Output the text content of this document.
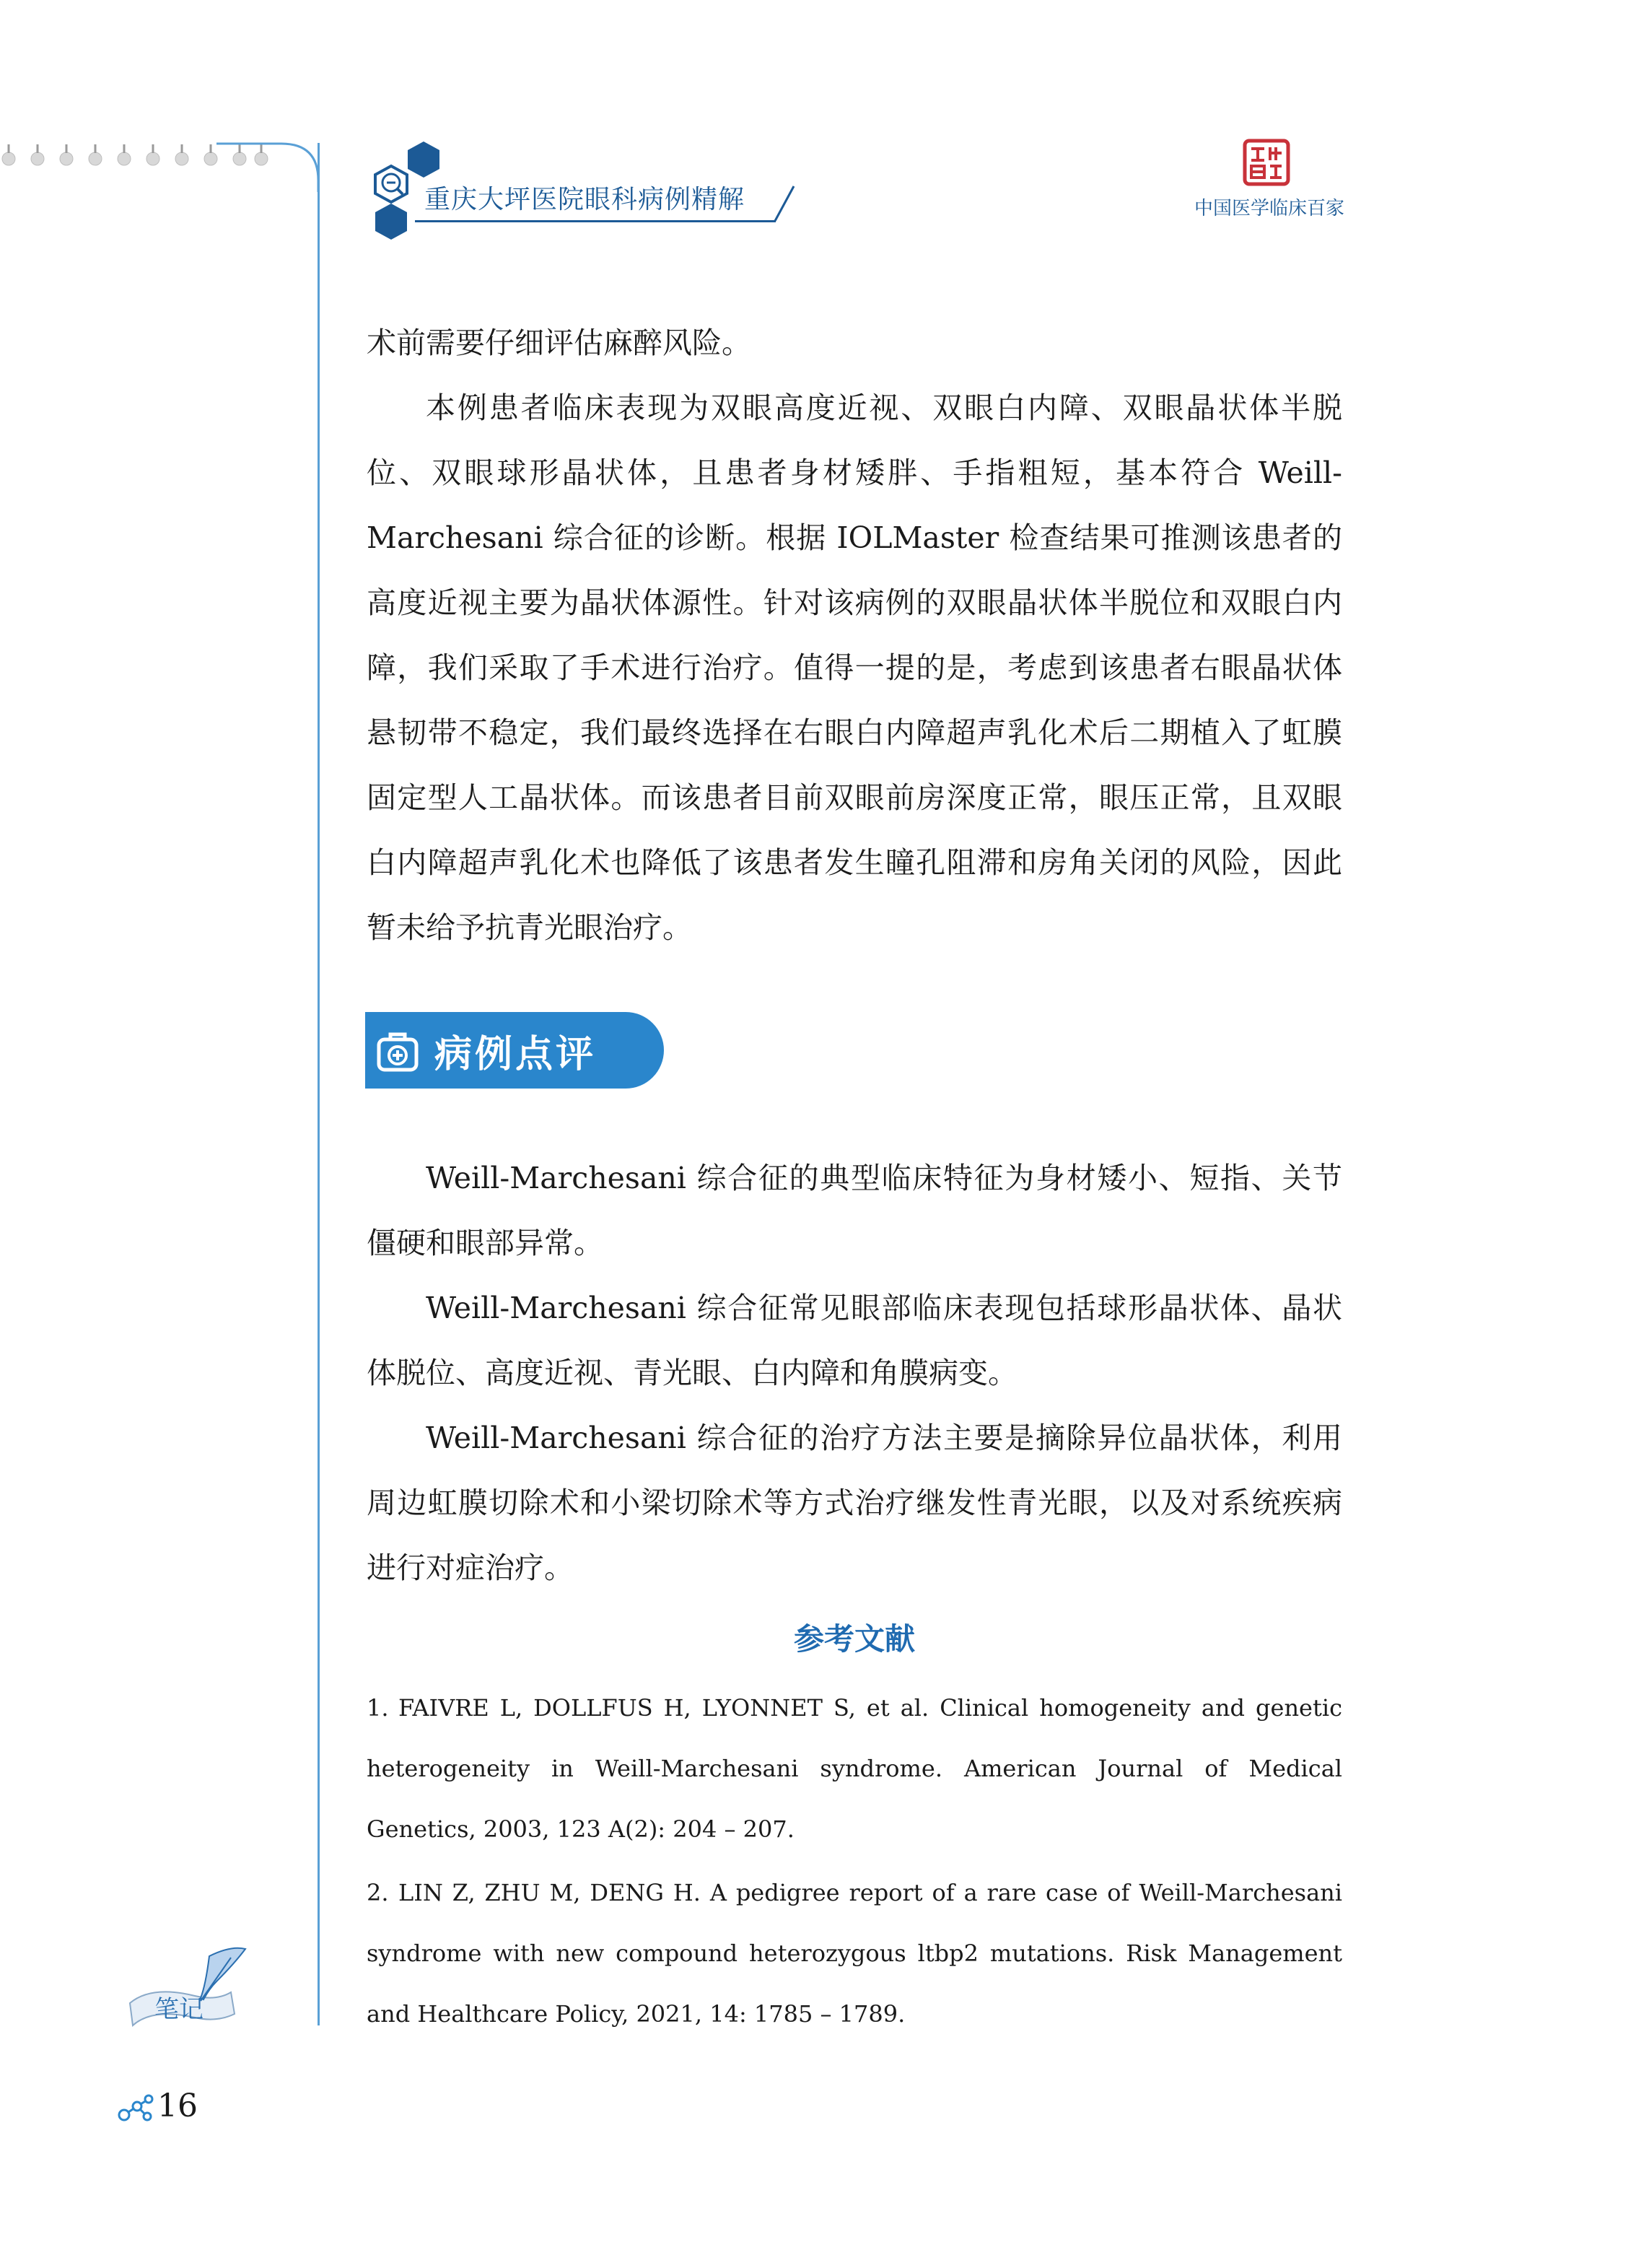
重庆大坪医院眼科病例精解	中国医学临床百家

术前需要仔细评估麻醉风险。

本例患者临床表现为双眼高度近视、双眼白内障、双眼晶状体半脱位、双眼球形晶状体，且患者身材矮胖、手指粗短，基本符合 Weill-Marchesani 综合征的诊断。根据 IOLMaster 检查结果可推测该患者的高度近视主要为晶状体源性。针对该病例的双眼晶状体半脱位和双眼白内障，我们采取了手术进行治疗。值得一提的是，考虑到该患者右眼晶状体悬韧带不稳定，我们最终选择在右眼白内障超声乳化术后二期植入了虹膜固定型人工晶状体。而该患者目前双眼前房深度正常，眼压正常，且双眼白内障超声乳化术也降低了该患者发生瞳孔阻滞和房角关闭的风险，因此暂未给予抗青光眼治疗。

病例点评

Weill-Marchesani 综合征的典型临床特征为身材矮小、短指、关节僵硬和眼部异常。

Weill-Marchesani 综合征常见眼部临床表现包括球形晶状体、晶状体脱位、高度近视、青光眼、白内障和角膜病变。

Weill-Marchesani 综合征的治疗方法主要是摘除异位晶状体，利用周边虹膜切除术和小梁切除术等方式治疗继发性青光眼，以及对系统疾病进行对症治疗。

参考文献
1. FAIVRE L, DOLLFUS H, LYONNET S, et al. Clinical homogeneity and genetic heterogeneity in Weill-Marchesani syndrome. American Journal of Medical Genetics, 2003, 123 A(2): 204 – 207.
2. LIN Z, ZHU M, DENG H. A pedigree report of a rare case of Weill-Marchesani syndrome with new compound heterozygous ltbp2 mutations. Risk Management and Healthcare Policy, 2021, 14: 1785 – 1789.
笔记
16
